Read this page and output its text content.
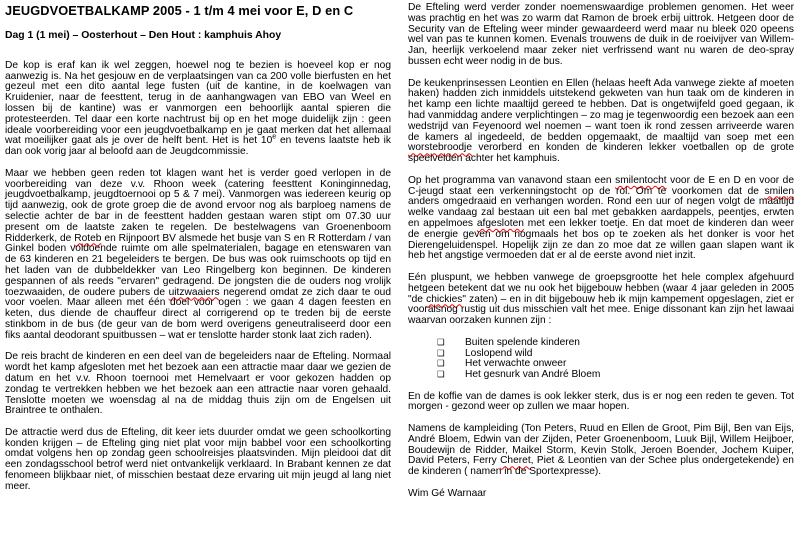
JEUGDVOETBALKAMP 2005 - 1 t/m 4 mei voor E, D en C
Dag 1 (1 mei) – Oosterhout – Den Hout : kamphuis Ahoy

De kop is eraf kan ik wel zeggen, hoewel nog te bezien is hoeveel kop er nog aanwezig is. Na het gesjouw en de verplaatsingen van ca 200 volle bierfusten en het gezeul met een dito aantal lege fusten (uit de kantine, in de koelwagen van Kruidenier, naar de feesttent, terug in de aanhangwagen van EBO van Weel en lossen bij de kantine) was er vanmorgen een behoorlijk aantal spieren die protesteerden. Tel daar een korte nachtrust bij op en het moge duidelijk zijn : geen ideale voorbereiding voor een jeugdvoetbalkamp en je gaat merken dat het allemaal wat moeilijker gaat als je over de helft bent. Het is het 10e en tevens laatste heb ik dan ook vorig jaar al beloofd aan de Jeugdcommissie.

Maar we hebben geen reden tot klagen want het is verder goed verlopen in de voorbereiding van deze v.v. Rhoon week (catering feesttent Koninginnedag, jeugdvoetbalkamp, jeugdtoernooi op 5 & 7 mei). Vanmorgen was iedereen keurig op tijd aanwezig, ook de grote groep die de avond ervoor nog als barploeg namens de selectie achter de bar in de feesttent hadden gestaan waren stipt om 07.30 uur present om de laatste zaken te regelen. De bestelwagens van Groenenboom Ridderkerk, de Roteb en Rijnpoort BV alsmede het busje van S en R Rotterdam / van Ginkel boden voldoende ruimte om alle spelmaterialen, bagage en etenswaren van de 63 kinderen en 21 begeleiders te bergen. De bus was ook ruimschoots op tijd en het laden van de dubbeldekker van Leo Ringelberg kon beginnen. De kinderen gespannen of als reeds "ervaren" gedragend. De jongsten die de ouders nog vrolijk toezwaaiden, de oudere pubers de uitzwaaiers negerend omdat ze zich daar te oud voor voelen. Maar alleen met één doel voor ogen : we gaan 4 dagen feesten en keten, dus diende de chauffeur direct al corrigerend op te treden bij de eerste stinkbom in de bus (de geur van de bom werd overigens geneutraliseerd door een fiks aantal deodorant spuitbussen – wat er tenslotte harder stonk laat zich raden).

De reis bracht de kinderen en een deel van de begeleiders naar de Efteling. Normaal wordt het kamp afgesloten met het bezoek aan een attractie maar daar we gezien de datum en het v.v. Rhoon toernooi met Hemelvaart er voor gekozen hadden op zondag te vertrekken hebben we het bezoek aan een attractie naar voren gehaald. Tenslotte moeten we woensdag al na de middag thuis zijn om de Engelsen uit Braintree te onthalen.

De attractie werd dus de Efteling, dit keer iets duurder omdat we geen schoolkorting konden krijgen – de Efteling ging niet plat voor mijn babbel voor een schoolkorting omdat volgens hen op zondag geen schoolreisjes plaatsvinden. Mijn pleidooi dat dit een zondagsschool betrof werd niet ontvankelijk verklaard. In Brabant kennen ze dat fenomeen blijkbaar niet, of misschien bestaat deze ervaring uit mijn jeugd al lang niet meer.

De Efteling werd verder zonder noemenswaardige problemen genomen. Het weer was prachtig en het was zo warm dat Ramon de broek erbij uittrok. Hetgeen door de Security van de Efteling weer minder gewaardeerd werd maar nu bleek 020 opeens wel van pas te kunnen komen. Evenals trouwens de duik in de roeivijver van Willem-Jan, heerlijk verkoelend maar zeker niet verfrissend want nu waren de deo-spray bussen echt weer nodig in de bus.

De keukenprinsessen Leontien en Ellen (helaas heeft Ada vanwege ziekte af moeten haken) hadden zich inmiddels uitstekend gekweten van hun taak om de kinderen in het kamp een lichte maaltijd gereed te hebben. Dat is ongetwijfeld goed gegaan, ik had vanmiddag andere verplichtingen – zo mag je tegenwoordig een bezoek aan een wedstrijd van Feyenoord wel noemen – want toen ik rond zessen arriveerde waren de kamers al ingedeeld, de bedden opgemaakt, de maaltijd van soep met een worstebroodje verorberd en konden de kinderen lekker voetballen op de grote speelvelden achter het kamphuis.

Op het programma van vanavond staan een smilentocht voor de E en D en voor de C-jeugd staat een verkenningstocht op de rol. Om te voorkomen dat de smilen anders omgedraaid en verhangen worden. Rond een uur of negen volgt de maaltijd welke vandaag zal bestaan uit een bal met gebakken aardappels, peentjes, erwten en appelmoes afgesloten met een lekker toetje. En dat moet de kinderen dan weer de energie geven om nogmaals het bos op te zoeken als het donker is voor het Dierengeluidenspel. Hopelijk zijn ze dan zo moe dat ze willen gaan slapen want ik heb het angstige vermoeden dat er al de eerste avond niet inzit.

Eén pluspunt, we hebben vanwege de groepsgrootte het hele complex afgehuurd hetgeen betekent dat we nu ook het bijgebouw hebben (waar 4 jaar geleden in 2005 "de chickies" zaten) – en in dit bijgebouw heb ik mijn kampement opgeslagen, ziet er vooralsnog rustig uit dus misschien valt het mee. Enige dissonant kan zijn het lawaai waarvan oorzaken kunnen zijn :

❑ Buiten spelende kinderen
❑ Loslopend wild
❑ Het verwachte onweer
❑ Het gesnurk van André Bloem

En de koffie van de dames is ook lekker sterk, dus is er nog een reden te geven. Tot morgen - gezond weer op zullen we maar hopen.

Namens de kampleiding (Ton Peters, Ruud en Ellen de Groot, Pim Bijl, Ben van Eijs, André Bloem, Edwin van der Zijden, Peter Groenenboom, Luuk Bijl, Willem Heijboer, Boudewijn de Ridder, Maikel Storm, Kevin Stolk, Jeroen Boender, Jochem Kuiper, David Peters, Ferry Cheret, Piet & Leontien van der Schee plus ondergetekende) en de kinderen ( namen in de Sportexpresse).

Wim Gé Warnaar
